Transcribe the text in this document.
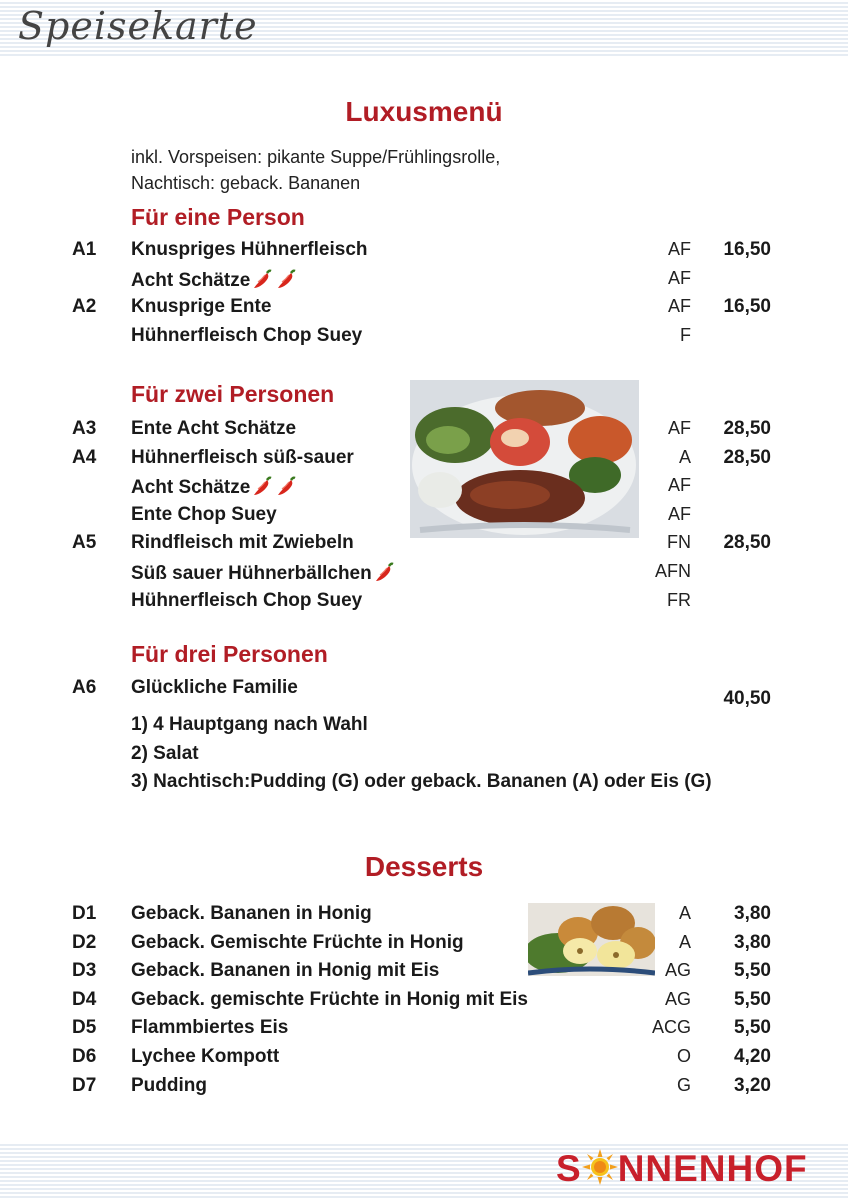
Speisekarte
Luxusmenü
inkl. Vorspeisen: pikante Suppe/Frühlingsrolle,
Nachtisch: geback. Bananen
Für eine Person
A1 Knuspriges Hühnerfleisch	AF 16,50
Acht Schätze	AF
A2 Knusprige Ente	AF 16,50
Hühnerfleisch Chop Suey	F
Für zwei Personen
A3 Ente Acht Schätze	AF 28,50
A4 Hühnerfleisch süß-sauer	A 28,50
Acht Schätze	AF
Ente Chop Suey	AF
A5 Rindfleisch mit Zwiebeln	FN 28,50
Süß sauer Hühnerbällchen	AFN
Hühnerfleisch Chop Suey	FR
Für drei Personen
A6 Glückliche Familie
40,50
1) 4 Hauptgang nach Wahl
2) Salat
3) Nachtisch:Pudding (G) oder geback. Bananen (A) oder Eis (G)
Desserts
D1 Geback. Bananen in Honig	A 3,80
D2 Geback. Gemischte Früchte in Honig	A 3,80
D3 Geback. Bananen in Honig mit Eis	AG 5,50
D4 Geback. gemischte Früchte in Honig mit Eis	AG 5,50
D5 Flammbiertes Eis	ACG 5,50
D6 Lychee Kompott	O 4,20
D7 Pudding	G 3,20
S NNENHOF
